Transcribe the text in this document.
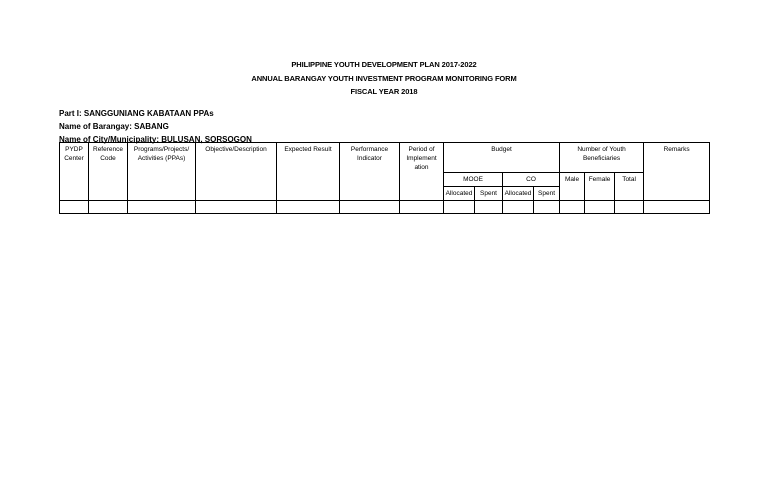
PHILIPPINE YOUTH DEVELOPMENT PLAN 2017-2022
ANNUAL BARANGAY YOUTH INVESTMENT PROGRAM MONITORING FORM
FISCAL YEAR 2018
Part I: SANGGUNIANG KABATAAN PPAs
Name of Barangay: SABANG
Name of City/Municipality: BULUSAN, SORSOGON
PYDP Center	Reference Code	Programs/Projects/ Activities (PPAs)	Objective/Description	Expected Result	Performance Indicator	Period of Implement ation	Budget				Number of Youth Beneficiaries			Remarks
							MOOE		CO		Male	Female	Total	
							Allocated	Spent	Allocated	Spent				
